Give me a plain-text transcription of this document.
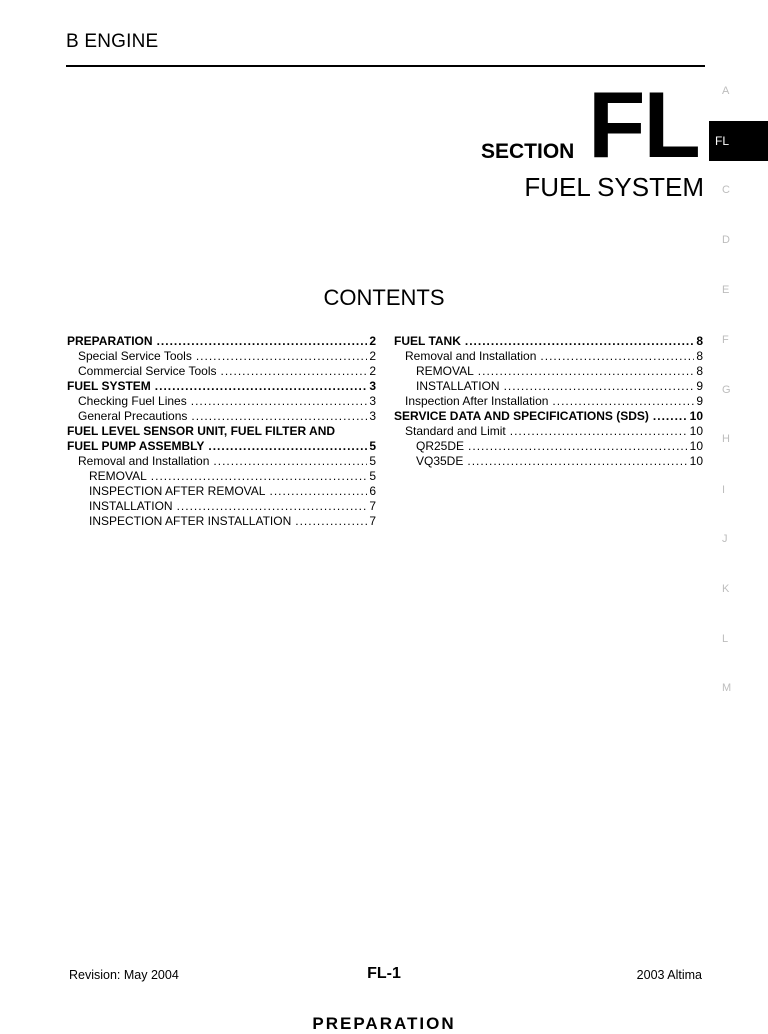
B ENGINE
SECTION FL
FUEL SYSTEM
CONTENTS
A
FL
C
D
E
F
G
H
I
J
K
L
M
PREPARATION .....	2
Special Service Tools .....	2
Commercial Service Tools .....	2
FUEL SYSTEM .....	3
Checking Fuel Lines .....	3
General Precautions .....	3
FUEL LEVEL SENSOR UNIT, FUEL FILTER AND
FUEL PUMP ASSEMBLY .....	5
Removal and Installation .....	5
REMOVAL .....	5
INSPECTION AFTER REMOVAL .....	6
INSTALLATION .....	7
INSPECTION AFTER INSTALLATION .....	7
FUEL TANK .....	8
Removal and Installation .....	8
REMOVAL .....	8
INSTALLATION .....	9
Inspection After Installation .....	9
SERVICE DATA AND SPECIFICATIONS (SDS) .....	10
Standard and Limit .....	10
QR25DE .....	10
VQ35DE .....	10
Revision: May 2004	FL-1	2003 Altima
PREPARATION
